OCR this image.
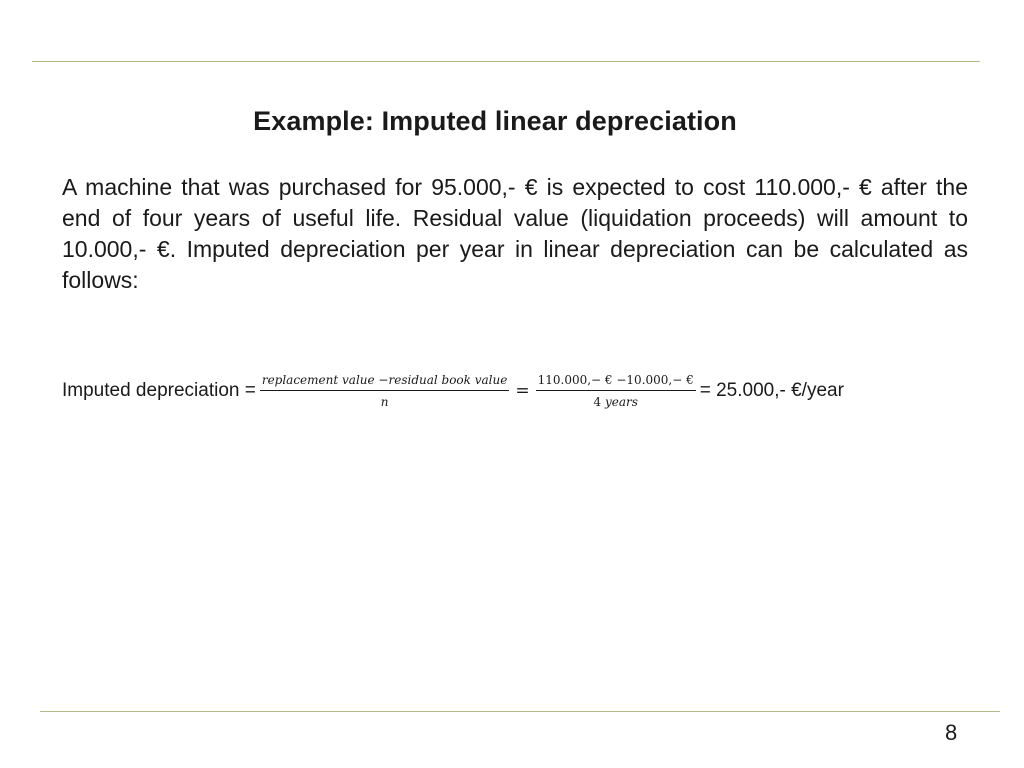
Example: Imputed linear depreciation
A machine that was purchased for 95.000,- € is expected to cost 110.000,- € after the end of four years of useful life. Residual value (liquidation proceeds) will amount to 10.000,- €. Imputed depreciation per year in linear depreciation can be calculated as follows:
Imputed depreciation = $\frac{\text{replacement value −residual book value}}{n} = \frac{110.000,- € -10.000,- €}{\text{4 years}} = 25.000,-$ €/year
8
